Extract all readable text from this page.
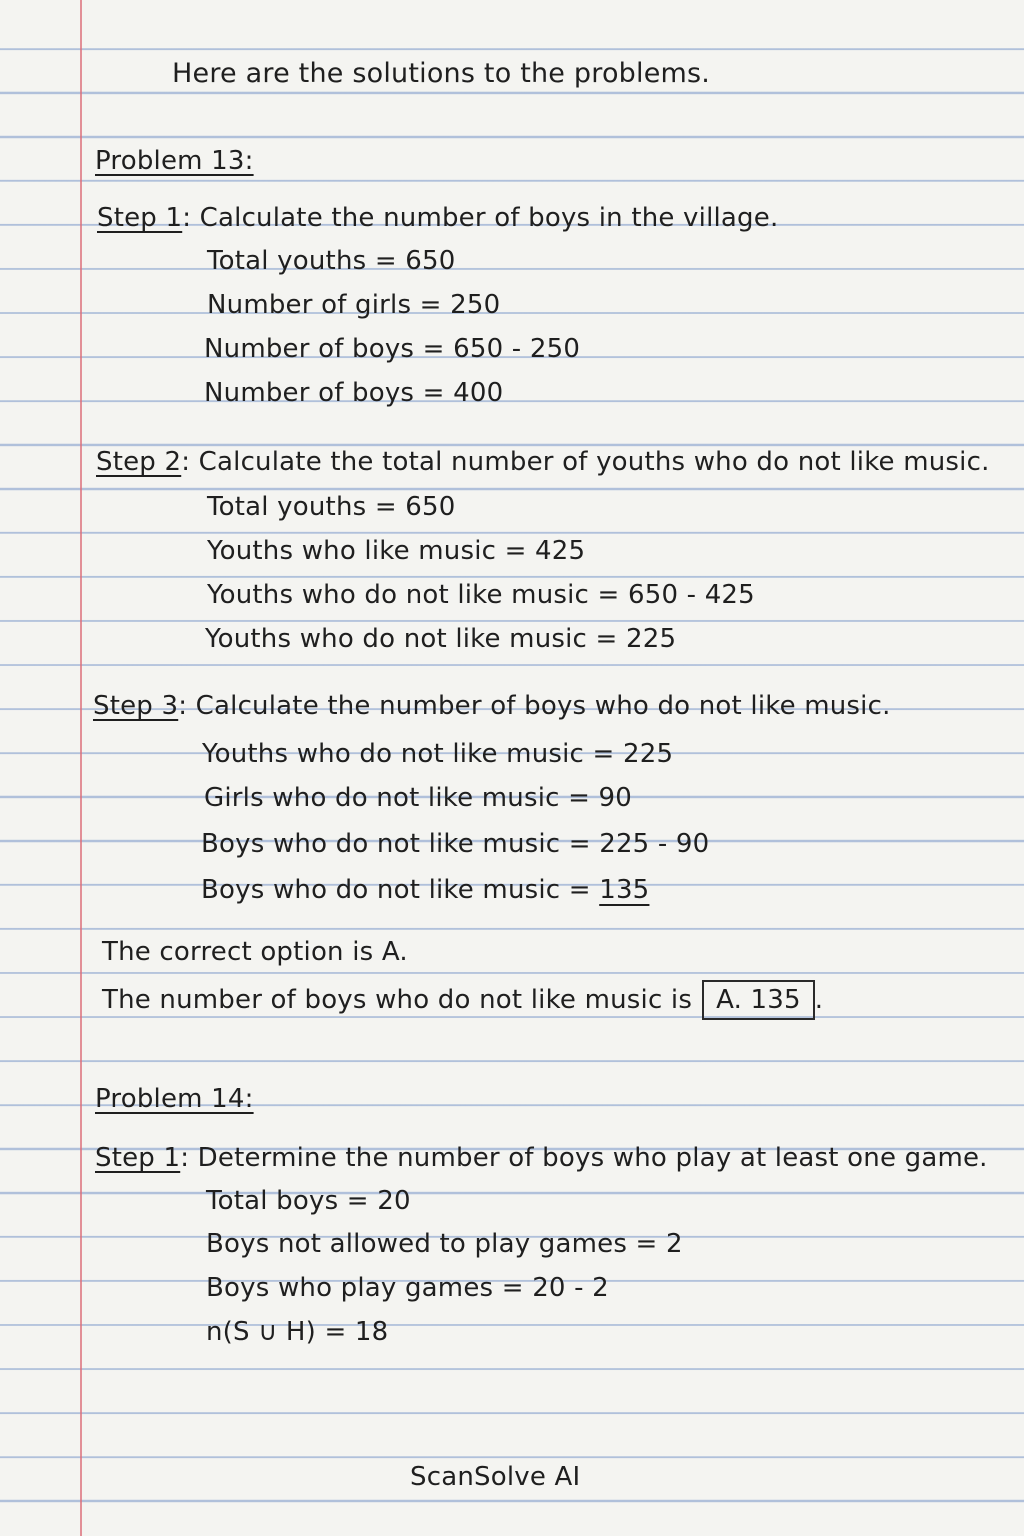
Here are the solutions to the problems.
Problem 13:
Step 1: Calculate the number of boys in the village.
Total youths = 650
Number of girls = 250
Number of boys = 650 - 250
Number of boys = 400
Step 2: Calculate the total number of youths who do not like music.
Total youths = 650
Youths who like music = 425
Youths who do not like music = 650 - 425
Youths who do not like music = 225
Step 3: Calculate the number of boys who do not like music.
Youths who do not like music = 225
Girls who do not like music = 90
Boys who do not like music = 225 - 90
Boys who do not like music = 135
The correct option is A.
The number of boys who do not like music is A. 135 .
Problem 14:
Step 1: Determine the number of boys who play at least one game.
Total boys = 20
Boys not allowed to play games = 2
Boys who play games = 20 - 2
n(S ∪ H) = 18
ScanSolve AI
